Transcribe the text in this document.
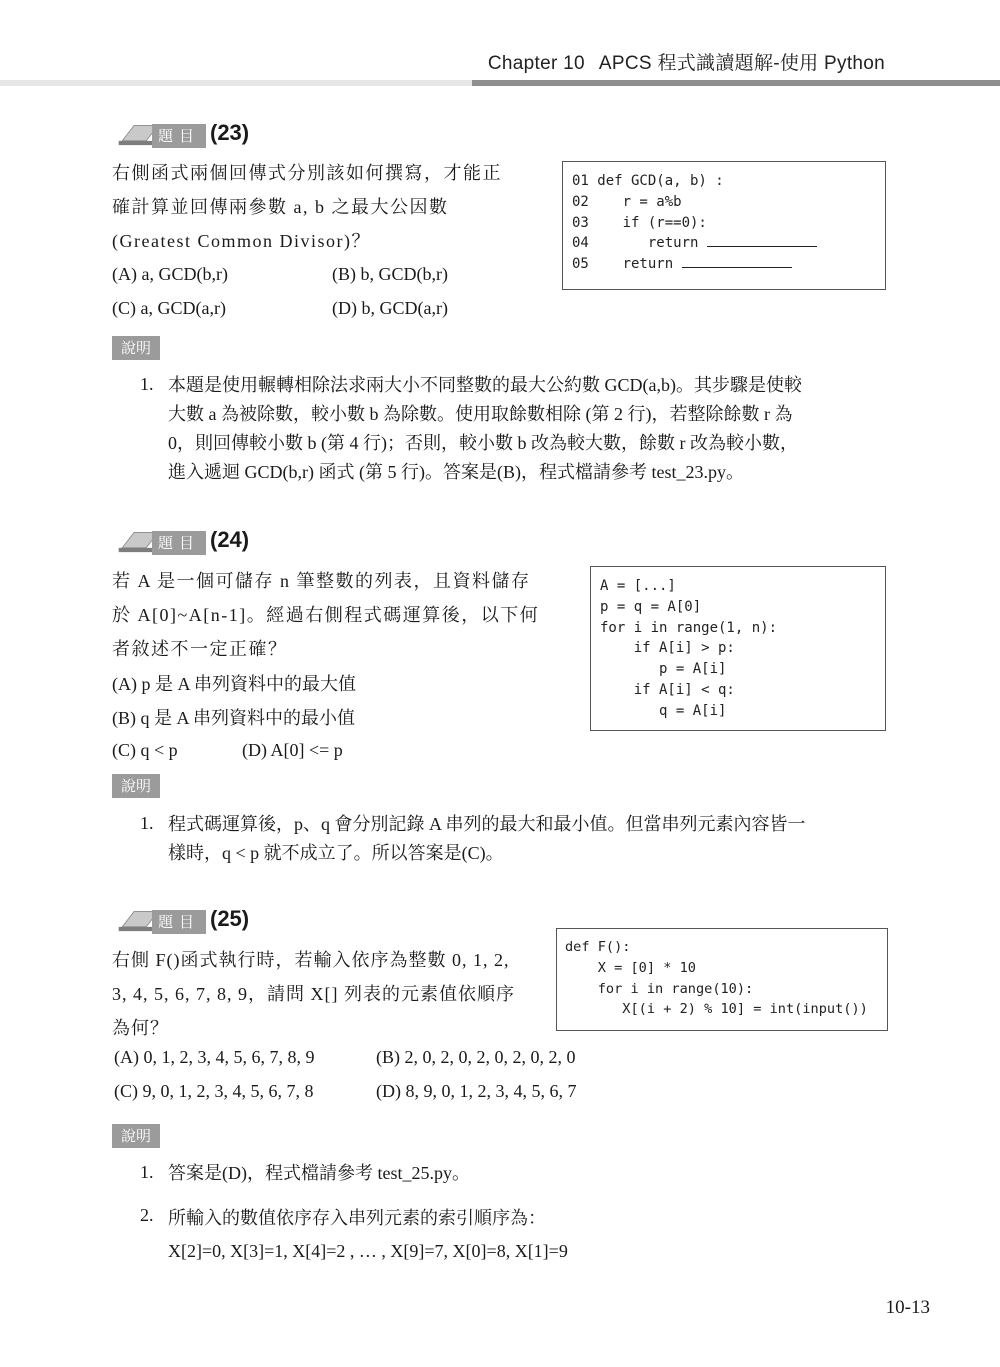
Chapter 10 APCS 程式識讀題解-使用 Python
題目 (23)
右側函式兩個回傳式分別該如何撰寫，才能正
確計算並回傳兩參數 a, b 之最大公因數
(Greatest Common Divisor)？
(A) a, GCD(b,r)	(B) b, GCD(b,r)
(C) a, GCD(a,r)	(D) b, GCD(a,r)
01 def GCD(a, b) :
02    r = a%b
03    if (r==0):
04       return
05    return
說明
1. 本題是使用輾轉相除法求兩大小不同整數的最大公約數 GCD(a,b)。其步驟是使較
大數 a 為被除數，較小數 b 為除數。使用取餘數相除 (第 2 行)，若整除餘數 r 為
0，則回傳較小數 b (第 4 行)；否則，較小數 b 改為較大數，餘數 r 改為較小數，
進入遞迴 GCD(b,r) 函式 (第 5 行)。答案是(B)，程式檔請參考 test_23.py。
題目 (24)
若 A 是一個可儲存 n 筆整數的列表，且資料儲存
於 A[0]~A[n-1]。經過右側程式碼運算後，以下何
者敘述不一定正確？
(A) p 是 A 串列資料中的最大值
(B) q 是 A 串列資料中的最小值
(C) q < p	(D) A[0] <= p
A = [...]
p = q = A[0]
for i in range(1, n):
if A[i] > p:
p = A[i]
if A[i] < q:
q = A[i]
說明
1. 程式碼運算後，p、q 會分別記錄 A 串列的最大和最小值。但當串列元素內容皆一
樣時，q < p 就不成立了。所以答案是(C)。
題目 (25)
右側 F()函式執行時，若輸入依序為整數 0, 1, 2,
3, 4, 5, 6, 7, 8, 9，請問 X[] 列表的元素值依順序
為何？
def F():
X = [0] * 10
for i in range(10):
X[(i + 2) % 10] = int(input())
(A) 0, 1, 2, 3, 4, 5, 6, 7, 8, 9	(B) 2, 0, 2, 0, 2, 0, 2, 0, 2, 0
(C) 9, 0, 1, 2, 3, 4, 5, 6, 7, 8	(D) 8, 9, 0, 1, 2, 3, 4, 5, 6, 7
說明
1. 答案是(D)，程式檔請參考 test_25.py。
2. 所輸入的數值依序存入串列元素的索引順序為：
X[2]=0, X[3]=1, X[4]=2 , … , X[9]=7, X[0]=8, X[1]=9
10-13
